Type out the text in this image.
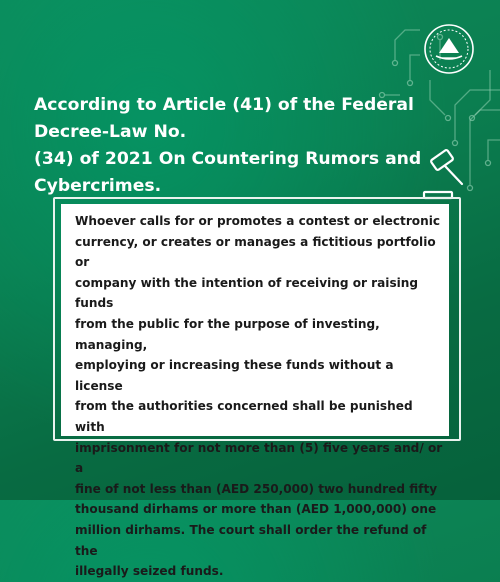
According to Article (41) of the Federal Decree-Law No.
(34) of 2021 On Countering Rumors and Cybercrimes.

Whoever calls for or promotes a contest or electronic
currency, or creates or manages a fictitious portfolio or
company with the intention of receiving or raising funds
from the public for the purpose of investing, managing,
employing or increasing these funds without a license
from the authorities concerned shall be punished with
imprisonment for not more than (5) five years and/ or a
fine of not less than (AED 250,000) two hundred fifty
thousand dirhams or more than (AED 1,000,000) one
million dirhams. The court shall order the refund of the
illegally seized funds.
